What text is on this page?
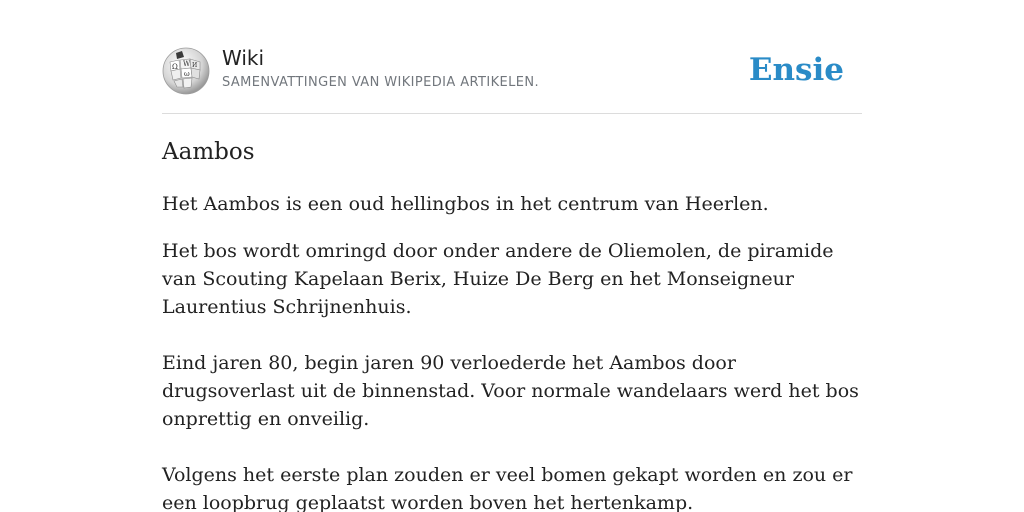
Ω W И
ω
Wiki
SAMENVATTINGEN VAN WIKIPEDIA ARTIKELEN.	Ensie
Aambos

Het Aambos is een oud hellingbos in het centrum van Heerlen.

Het bos wordt omringd door onder andere de Oliemolen, de piramide van Scouting Kapelaan Berix, Huize De Berg en het Monseigneur Laurentius Schrijnenhuis.

Eind jaren 80, begin jaren 90 verloederde het Aambos door drugsoverlast uit de binnenstad. Voor normale wandelaars werd het bos onprettig en onveilig.

Volgens het eerste plan zouden er veel bomen gekapt worden en zou er een loopbrug geplaatst worden boven het hertenkamp.
